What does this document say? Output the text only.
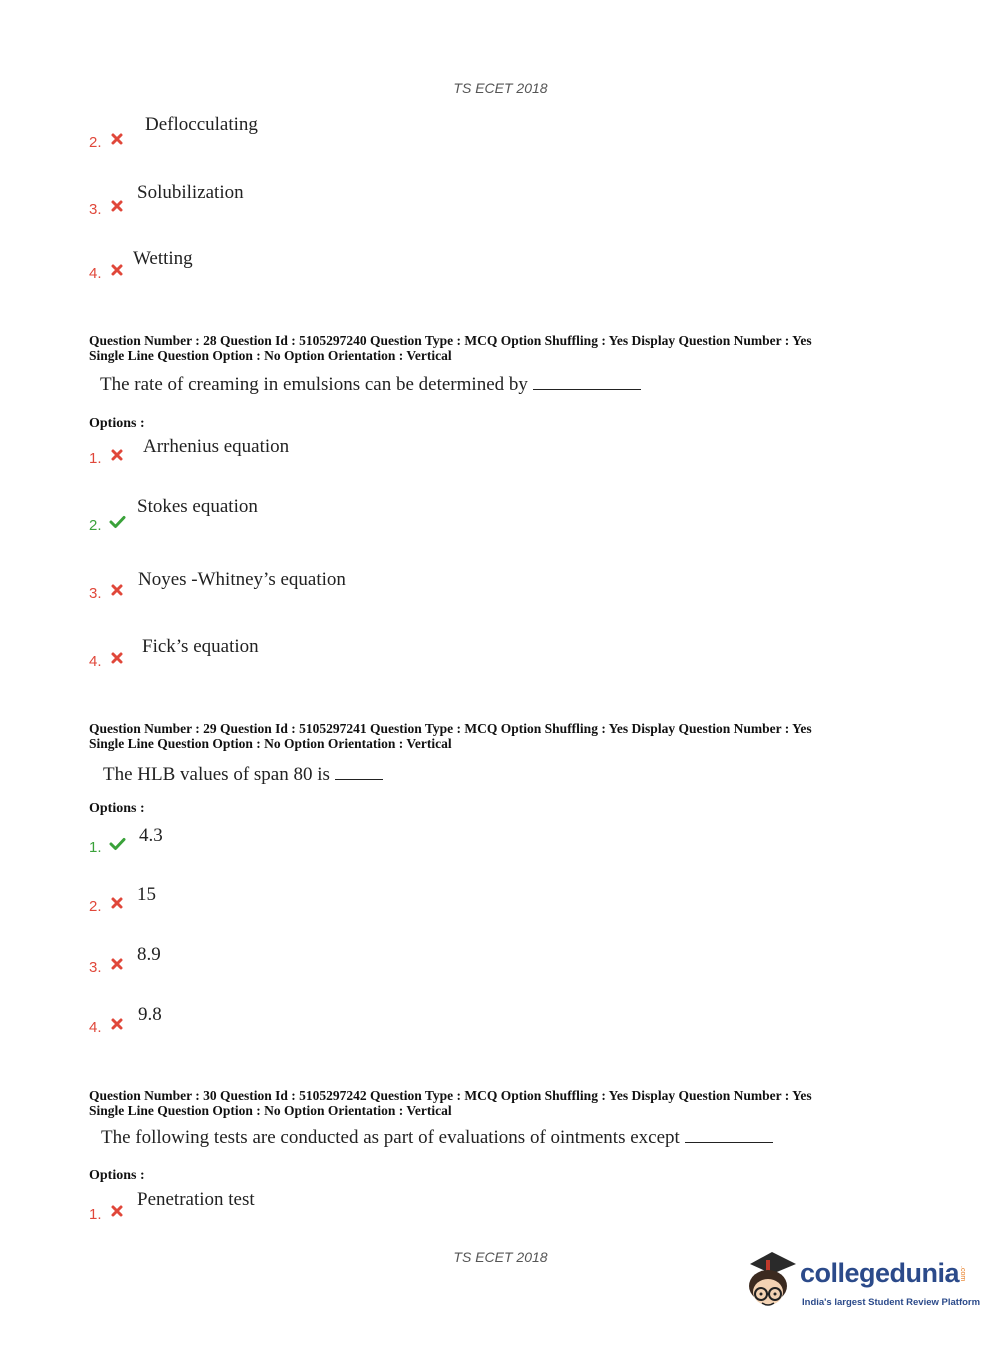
TS ECET 2018
2.
Deflocculating
3.
Solubilization
4.
Wetting
Question Number : 28 Question Id : 5105297240 Question Type : MCQ Option Shuffling : Yes Display Question Number : Yes
Single Line Question Option : No Option Orientation : Vertical
The rate of creaming in emulsions can be determined by
Options :
1.
Arrhenius equation
2.
Stokes equation
3.
Noyes -Whitney’s equation
4.
Fick’s equation
Question Number : 29 Question Id : 5105297241 Question Type : MCQ Option Shuffling : Yes Display Question Number : Yes
Single Line Question Option : No Option Orientation : Vertical
The HLB values of span 80 is
Options :
1.
4.3
2.
15
3.
8.9
4.
9.8
Question Number : 30 Question Id : 5105297242 Question Type : MCQ Option Shuffling : Yes Display Question Number : Yes
Single Line Question Option : No Option Orientation : Vertical
The following tests are conducted as part of evaluations of ointments except
Options :
1.
Penetration test
TS ECET 2018
collegedunia .com
India's largest Student Review Platform
